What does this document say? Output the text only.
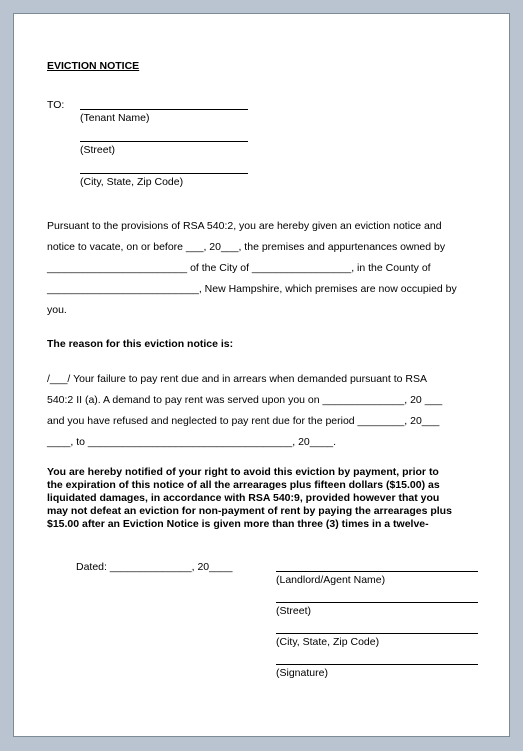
EVICTION NOTICE
TO:
(Tenant Name)
(Street)
(City, State, Zip Code)
Pursuant to the provisions of RSA 540:2, you are hereby given an eviction notice and
notice to vacate, on or before ___, 20___, the premises and appurtenances owned by
________________________ of the City of _________________, in the County of
__________________________, New Hampshire, which premises are now occupied by
you.
The reason for this eviction notice is:
/___/ Your failure to pay rent due and in arrears when demanded pursuant to RSA
540:2 II (a). A demand to pay rent was served upon you on ______________, 20 ___
and you have refused and neglected to pay rent due for the period ________, 20___
____, to ___________________________________, 20____.
You are hereby notified of your right to avoid this eviction by payment, prior to
the expiration of this notice of all the arrearages plus fifteen dollars ($15.00) as
liquidated damages, in accordance with RSA 540:9, provided however that you
may not defeat an eviction for non-payment of rent by paying the arrearages plus
$15.00 after an Eviction Notice is given more than three (3) times in a twelve-
Dated: ______________, 20____
(Landlord/Agent Name)
(Street)
(City, State, Zip Code)
(Signature)
